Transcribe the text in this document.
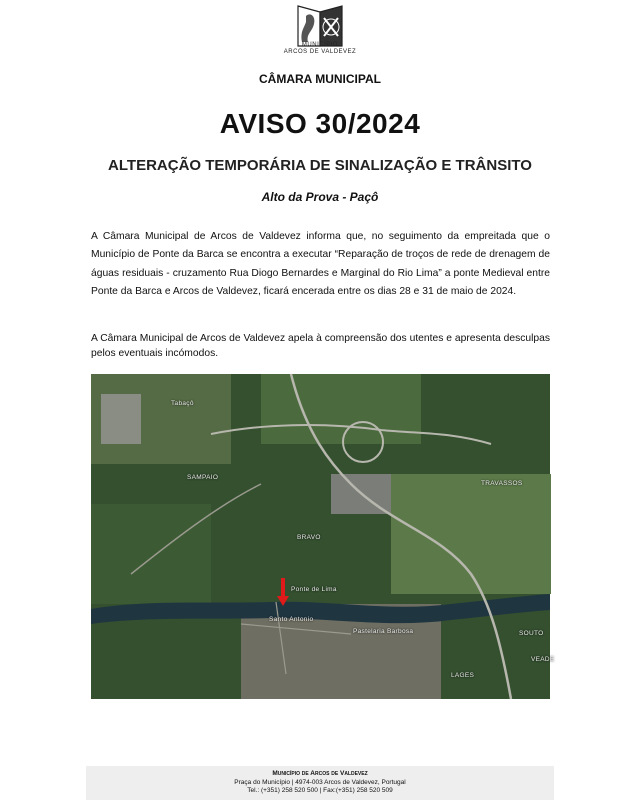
MUNICÍPIO
ARCOS DE VALDEVEZ
CÂMARA MUNICIPAL
AVISO 30/2024
ALTERAÇÃO TEMPORÁRIA DE SINALIZAÇÃO E TRÂNSITO
Alto da Prova - Paçô
A Câmara Municipal de Arcos de Valdevez informa que, no seguimento da empreitada que o Município de Ponte da Barca se encontra a executar “Reparação de troços de rede de drenagem de águas residuais - cruzamento Rua Diogo Bernardes e Marginal do Rio Lima” a ponte Medieval entre Ponte da Barca e Arcos de Valdevez, ficará encerada entre os dias 28 e 31 de maio de 2024.
A Câmara Municipal de Arcos de Valdevez apela à compreensão dos utentes e apresenta desculpas pelos eventuais incómodos.
Tabaçô
SAMPAIO
TRAVASSOS
BRAVO
Ponte de Lima
Santo Antonio
Pastelaria Barbosa	SOUTO
LAGES
VEADE
Município de Arcos de Valdevez
Praça do Município | 4974-003 Arcos de Valdevez, Portugal
Tel.: (+351) 258 520 500 | Fax:(+351) 258 520 509
